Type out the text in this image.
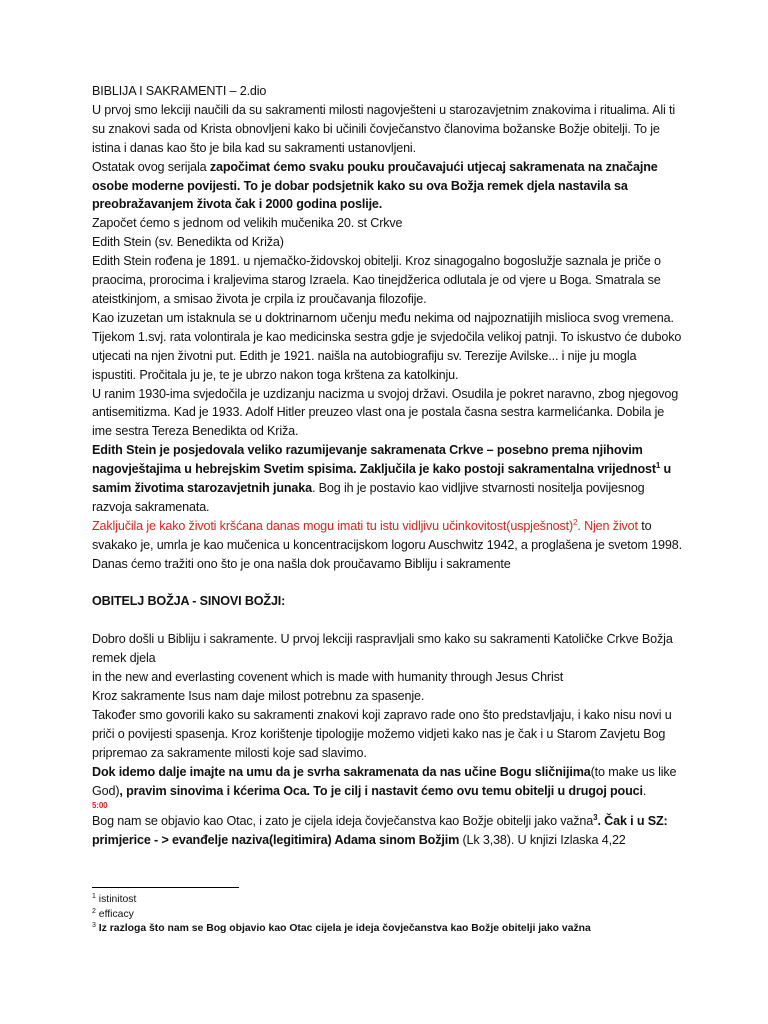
BIBLIJA I SAKRAMENTI – 2.dio

U prvoj smo lekciji naučili da su sakramenti milosti nagovješteni u starozavjetnim znakovima i ritualima. Ali ti su znakovi sada od Krista obnovljeni kako bi učinili čovječanstvo članovima božanske Božje obitelji. To je istina i danas kao što je bila kad su sakramenti ustanovljeni.

Ostatak ovog serijala započimat ćemo svaku pouku proučavajući utjecaj sakramenata na značajne osobe moderne povijesti. To je dobar podsjetnik kako su ova Božja remek djela nastavila sa preobražavanjem života čak i 2000 godina poslije.

Započet ćemo s jednom od velikih mučenika 20. st Crkve

Edith Stein (sv. Benedikta od Križa)

Edith Stein rođena je 1891. u njemačko-židovskoj obitelji. Kroz sinagogalno bogoslužje saznala je priče o praocima, prorocima i kraljevima starog Izraela. Kao tinejdžerica odlutala je od vjere u Boga. Smatrala se ateistkinjom, a smisao života je crpila iz proučavanja filozofije.

Kao izuzetan um istaknula se u doktrinarnom učenju među nekima od najpoznatijih mislioca svog vremena.

Tijekom 1.svj. rata volontirala je kao medicinska sestra gdje je svjedočila velikoj patnji. To iskustvo će duboko utjecati na njen životni put. Edith je 1921. naišla na autobiografiju sv. Terezije Avilske... i nije ju mogla ispustiti. Pročitala ju je, te je ubrzo nakon toga krštena za katolkinju.

U ranim 1930-ima svjedočila je uzdizanju nacizma u svojoj državi. Osudila je pokret naravno, zbog njegovog antisemitizma. Kad je 1933. Adolf Hitler preuzeo vlast ona je postala časna sestra karmelićanka. Dobila je ime sestra Tereza Benedikta od Križa.

Edith Stein je posjedovala veliko razumijevanje sakramenata Crkve – posebno prema njihovim nagovještajima u hebrejskim Svetim spisima. Zaključila je kako postoji sakramentalna vrijednost$^1$ u samim životima starozavjetnih junaka. Bog ih je postavio kao vidljive stvarnosti nositelja povijesnog razvoja sakramenata.

Zaključila je kako životi kršćana danas mogu imati tu istu vidljivu učinkovitost(uspješnost)$^2$. Njen život to svakako je, umrla je kao mučenica u koncentracijskom logoru Auschwitz 1942, a proglašena je svetom 1998. Danas ćemo tražiti ono što je ona našla dok proučavamo Bibliju i sakramente

OBITELJ BOŽJA - SINOVI BOŽJI:

Dobro došli u Bibliju i sakramente. U prvoj lekciji raspravljali smo kako su sakramenti Katoličke Crkve Božja remek djela

in the new and everlasting covenent which is made with humanity through Jesus Christ

Kroz sakramente Isus nam daje milost potrebnu za spasenje.

Također smo govorili kako su sakramenti znakovi koji zapravo rade ono što predstavljaju, i kako nisu novi u priči o povijesti spasenja. Kroz korištenje tipologije možemo vidjeti kako nas je čak i u Starom Zavjetu Bog pripremao za sakramente milosti koje sad slavimo.

Dok idemo dalje imajte na umu da je svrha sakramenata da nas učine Bogu sličnijima(to make us like God), pravim sinovima i kćerima Oca. To je cilj i nastavit ćemo ovu temu obitelji u drugoj pouci.

5:00

Bog nam se objavio kao Otac, i zato je cijela ideja čovječanstva kao Božje obitelji jako važna$^3$. Čak i u SZ: primjerice - > evanđelje naziva(legitimira) Adama sinom Božjim (Lk 3,38). U knjizi Izlaska 4,22

$^1$ istinitost

$^2$ efficacy

$^3$ Iz razloga što nam se Bog objavio kao Otac cijela je ideja čovječanstva kao Božje obitelji jako važna
